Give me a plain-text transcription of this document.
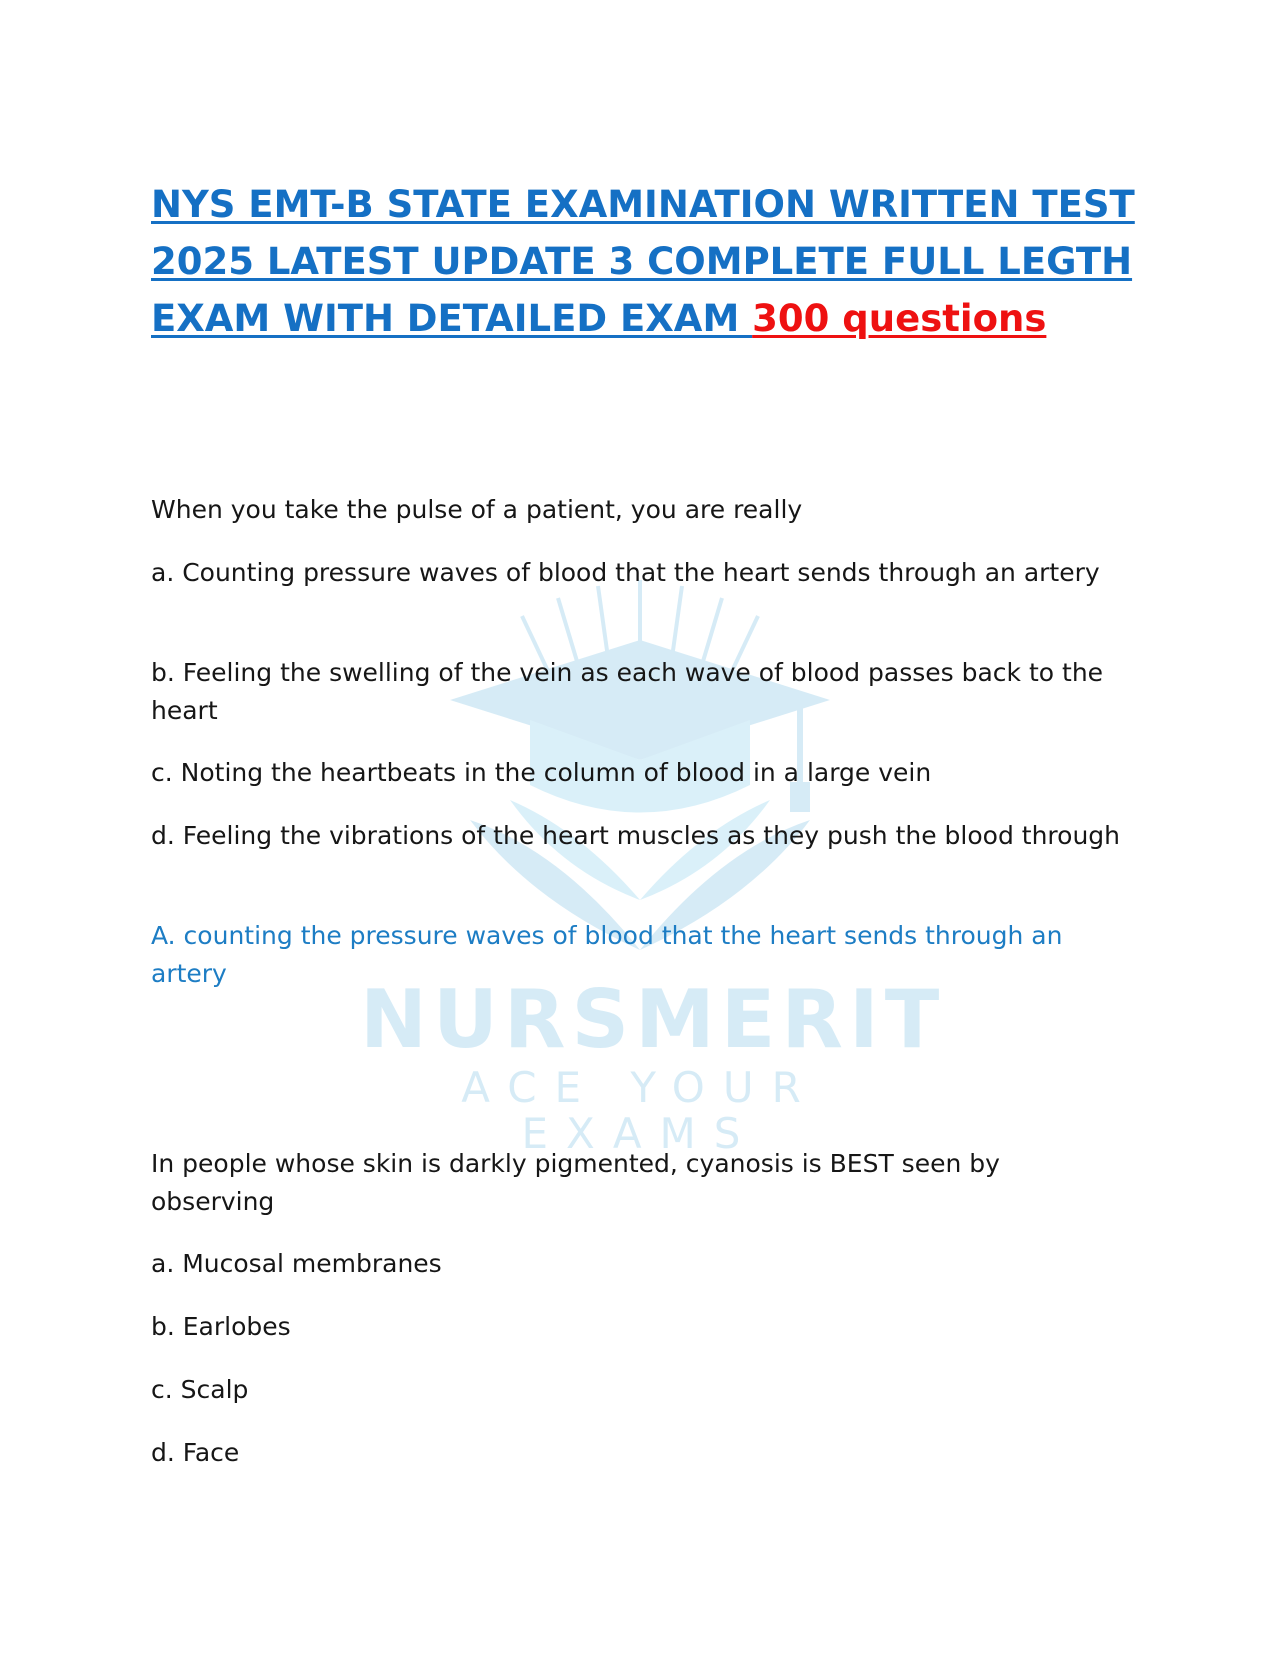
NURSMERIT
ACE YOUR EXAMS
NYS EMT-B STATE EXAMINATION WRITTEN TEST 2025 LATEST UPDATE 3 COMPLETE FULL LEGTH EXAM WITH DETAILED EXAM 300 questions

When you take the pulse of a patient, you are really

a. Counting pressure waves of blood that the heart sends through an artery

b. Feeling the swelling of the vein as each wave of blood passes back to the heart

c. Noting the heartbeats in the column of blood in a large vein

d. Feeling the vibrations of the heart muscles as they push the blood through

A. counting the pressure waves of blood that the heart sends through an artery

In people whose skin is darkly pigmented, cyanosis is BEST seen by observing

a. Mucosal membranes

b. Earlobes

c. Scalp

d. Face
